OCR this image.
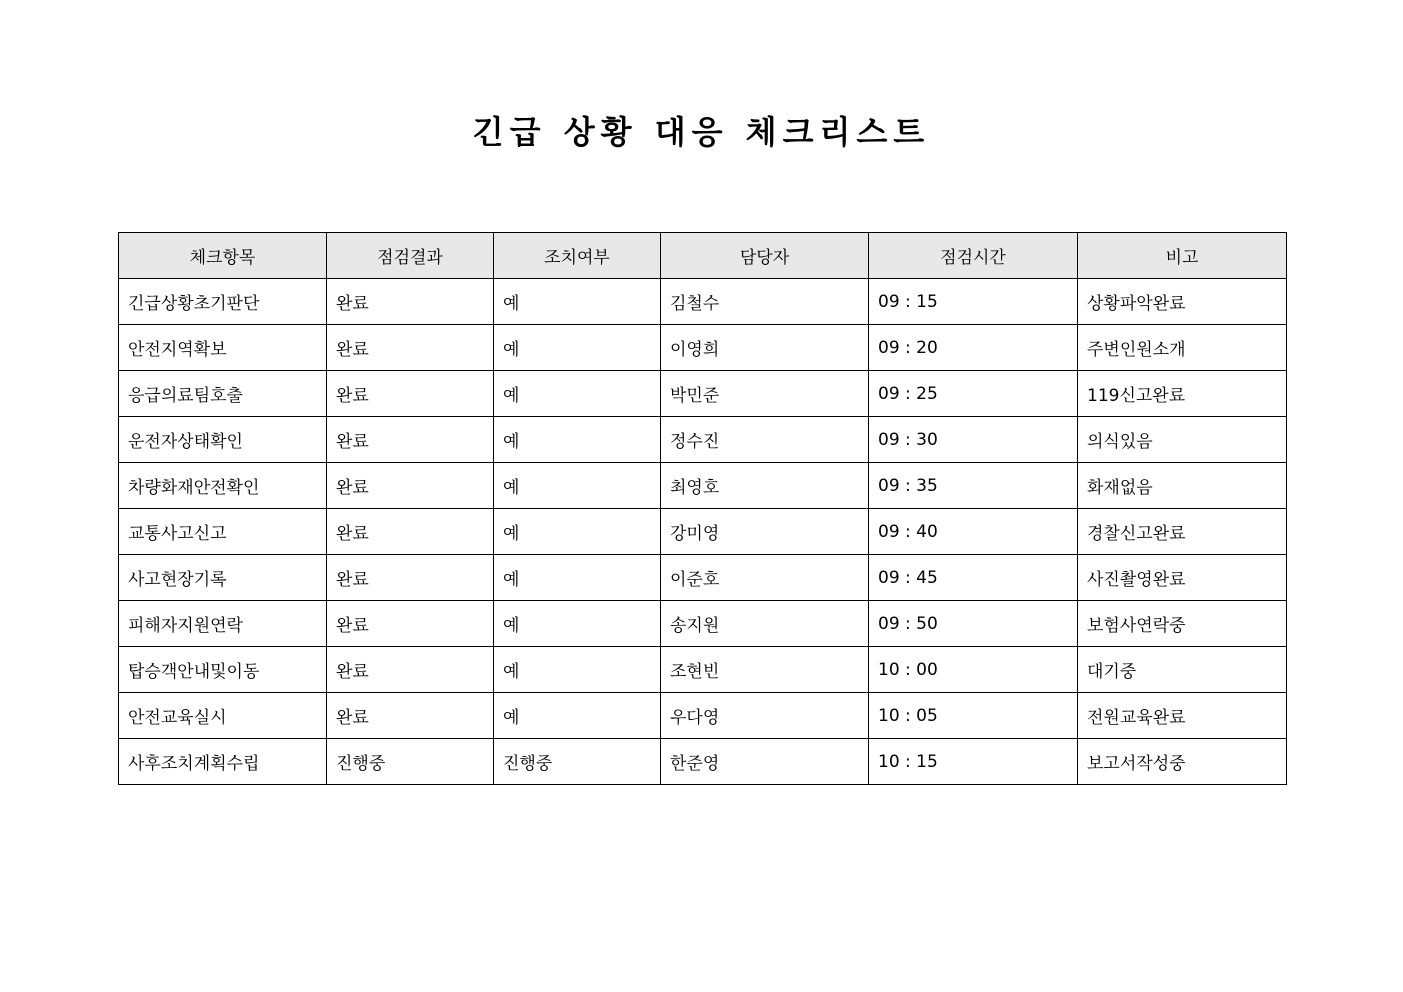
긴급 상황 대응 체크리스트
체크항목	점검결과	조치여부	담당자	점검시간	비고
긴급상황초기판단	완료	예	김철수	09 : 15	상황파악완료
안전지역확보	완료	예	이영희	09 : 20	주변인원소개
응급의료팀호출	완료	예	박민준	09 : 25	119신고완료
운전자상태확인	완료	예	정수진	09 : 30	의식있음
차량화재안전확인	완료	예	최영호	09 : 35	화재없음
교통사고신고	완료	예	강미영	09 : 40	경찰신고완료
사고현장기록	완료	예	이준호	09 : 45	사진촬영완료
피해자지원연락	완료	예	송지원	09 : 50	보험사연락중
탑승객안내및이동	완료	예	조현빈	10 : 00	대기중
안전교육실시	완료	예	우다영	10 : 05	전원교육완료
사후조치계획수립	진행중	진행중	한준영	10 : 15	보고서작성중
